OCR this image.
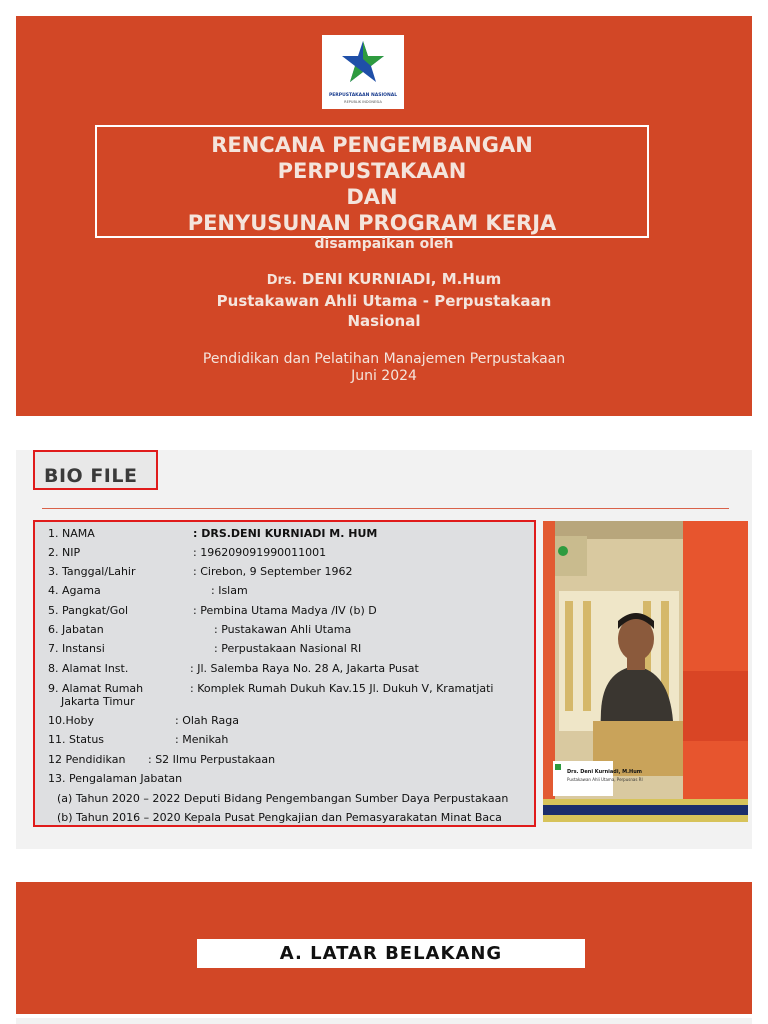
PERPUSTAKAAN NASIONAL
REPUBLIK INDONESIA
RENCANA PENGEMBANGAN
PERPUSTAKAAN
DAN
PENYUSUNAN PROGRAM KERJA
disampaikan oleh
Drs. DENI KURNIADI, M.Hum
Pustakawan Ahli Utama - Perpustakaan
Nasional
Pendidikan dan Pelatihan Manajemen Perpustakaan
Juni 2024
BIO FILE
1. NAMA	: DRS.DENI KURNIADI M. HUM
2. NIP	: 196209091990011001
3. Tanggal/Lahir	: Cirebon, 9 September 1962
4. Agama	: Islam
5. Pangkat/Gol	: Pembina Utama Madya /IV (b) D
6. Jabatan	: Pustakawan Ahli Utama
7. Instansi	: Perpustakaan Nasional RI
8. Alamat Inst.	: Jl. Salemba Raya No. 28 A, Jakarta Pusat
9. Alamat Rumah	: Komplek Rumah Dukuh Kav.15 Jl. Dukuh V, Kramatjati
Jakarta Timur
10.Hoby	: Olah Raga
11. Status	: Menikah
12 Pendidikan : S2 Ilmu Perpustakaan
13. Pengalaman Jabatan
(a) Tahun 2020 – 2022 Deputi Bidang Pengembangan Sumber Daya Perpustakaan
(b) Tahun 2016 – 2020 Kepala Pusat Pengkajian dan Pemasyarakatan Minat Baca
Drs. Deni Kurniadi, M.Hum
Pustakawan Ahli Utama, Perpusnas RI
A. LATAR BELAKANG
